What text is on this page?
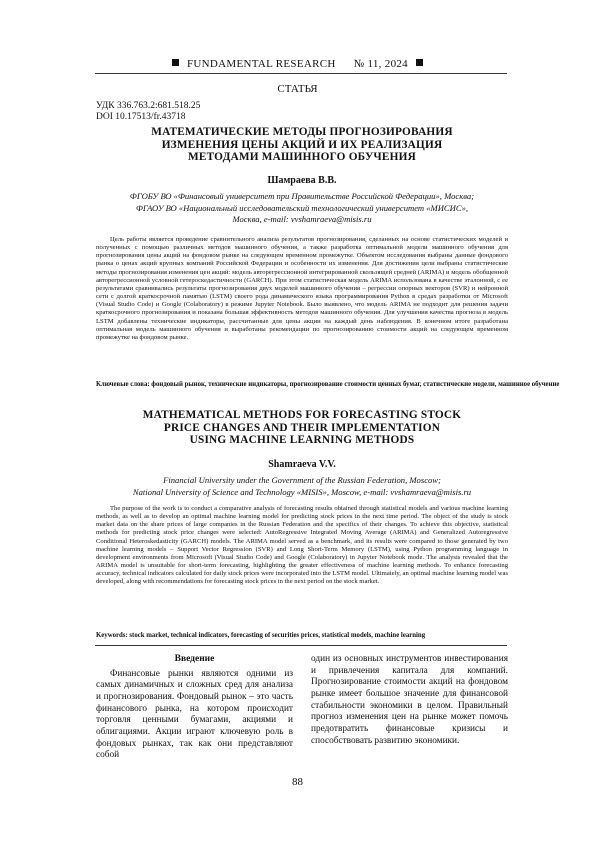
FUNDAMENTAL RESEARCH № 11, 2024
СТАТЬЯ
УДК 336.763.2:681.518.25
DOI 10.17513/fr.43718
МАТЕМАТИЧЕСКИЕ МЕТОДЫ ПРОГНОЗИРОВАНИЯ
ИЗМЕНЕНИЯ ЦЕНЫ АКЦИЙ И ИХ РЕАЛИЗАЦИЯ
МЕТОДАМИ МАШИННОГО ОБУЧЕНИЯ
Шамраева В.В.
ФГОБУ ВО «Финансовый университет при Правительстве Российской Федерации», Москва;
ФГАОУ ВО «Национальный исследовательский технологический университет «МИСИС»,
Москва, e-mail: vvshamraeva@misis.ru

Цель работы является проведение сравнительного анализа результатов прогнозирования, сделанных на основе статистических моделей и полученных с помощью различных методов машинного обучения, а также разработка оптимальной модели машинного обучения для прогнозирования цены акций на фондовом рынке на следующем временном промежутке. Объектом исследования выбраны данные фондового рынка о ценах акций крупных компаний Российской Федерации и особенности их изменения. Для достижения цели выбраны статистические методы прогнозирования изменения цен акций: модель авторегрессионной интегрированной скользящей средней (ARIMA) и модель обобщенной авторегрессионной условной гетероскедастичности (GARCH). При этом статистическая модель ARIMA использована в качестве эталонной, с ее результатами сравнивались результаты прогнозирования двух моделей машинного обучения – регрессии опорных векторов (SVR) и нейронной сети с долгой краткосрочной памятью (LSTM) своего рода динамического языка программирования Python в средах разработки от Microsoft (Visual Studio Code) и Google (Colaboratory) в режиме Jupyter Notebook. Было выявлено, что модель ARIMA не подходит для решения задачи краткосрочного прогнозирования и показана большая эффективность методов машинного обучения. Для улучшения качества прогноза в модель LSTM добавлены технические индикаторы, рассчитанные для цены акции на каждый день наблюдения. В конечном итоге разработана оптимальная модель машинного обучения и выработаны рекомендации по прогнозированию стоимости акций на следующем временном промежутке на фондовом рынке.

Ключевые слова: фондовый рынок, технические индикаторы, прогнозирование стоимости ценных бумаг, статистические модели, машинное обучение
MATHEMATICAL METHODS FOR FORECASTING STOCK
PRICE CHANGES AND THEIR IMPLEMENTATION
USING MACHINE LEARNING METHODS
Shamraeva V.V.
Financial University under the Government of the Russian Federation, Moscow;
National University of Science and Technology «MISIS», Moscow, e-mail: vvshamraeva@misis.ru

The purpose of the work is to conduct a comparative analysis of forecasting results obtained through statistical models and various machine learning methods, as well as to develop an optimal machine learning model for predicting stock prices in the next time period. The object of the study is stock market data on the share prices of large companies in the Russian Federation and the specifics of their changes. To achieve this objective, statistical methods for predicting stock price changes were selected: AutoRegressive Integrated Moving Average (ARIMA) and Generalized Autoregressive Conditional Heteroskedasticity (GARCH) models. The ARIMA model served as a benchmark, and its results were compared to those generated by two machine learning models – Support Vector Regression (SVR) and Long Short-Term Memory (LSTM), using Python programming language in development environments from Microsoft (Visual Studio Code) and Google (Colaboratory) in Jupyter Notebook mode. The analysis revealed that the ARIMA model is unsuitable for short-term forecasting, highlighting the greater effectiveness of machine learning methods. To enhance forecasting accuracy, technical indicators calculated for daily stock prices were incorporated into the LSTM model. Ultimately, an optimal machine learning model was developed, along with recommendations for forecasting stock prices in the next period on the stock market.

Keywords: stock market, technical indicators, forecasting of securities prices, statistical models, machine learning
Введение

Финансовые рынки являются одними из самых динамичных и сложных сред для анализа и прогнозирования. Фондовый рынок – это часть финансового рынка, на котором происходит торговля ценными бумагами, акциями и облигациями. Акции играют ключевую роль в фондовых рынках, так как они представляют собой

один из основных инструментов инвестирования и привлечения капитала для компаний. Прогнозирование стоимости акций на фондовом рынке имеет большое значение для финансовой стабильности экономики в целом. Правильный прогноз изменения цен на рынке может помочь предотвратить финансовые кризисы и способствовать развитию экономики.

88
